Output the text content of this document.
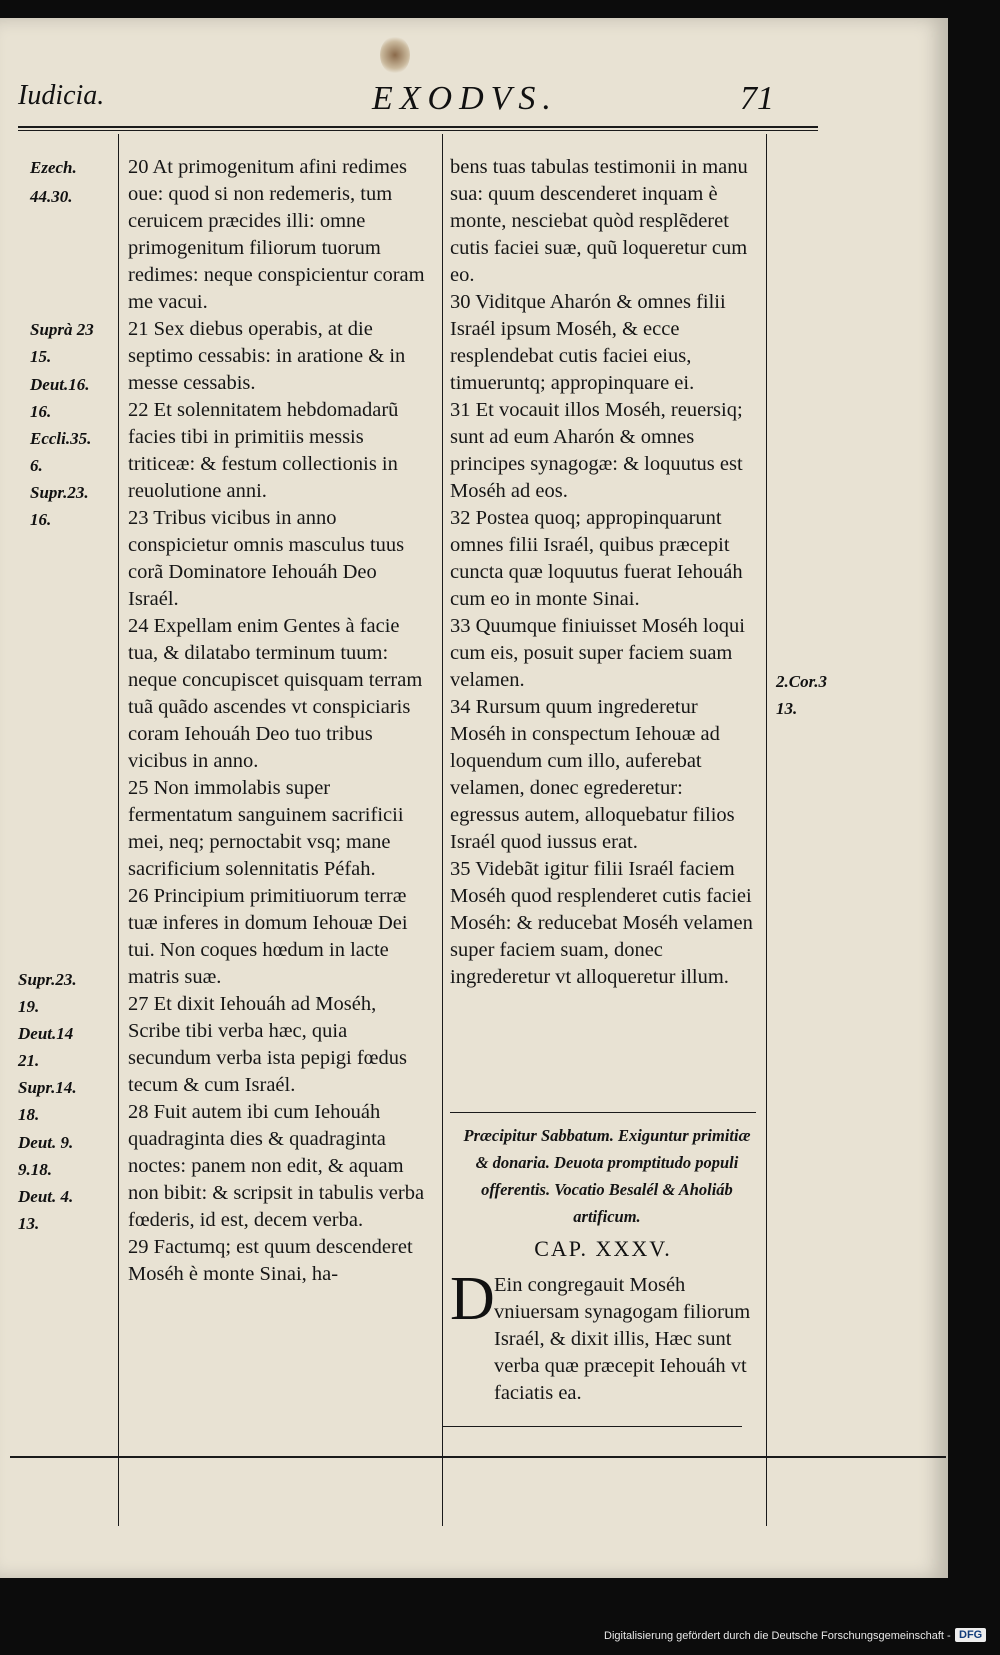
Iudicia.	EXODVS.	71
Ezech.
44.30.
Suprà 23
15.
Deut.16.
16.
Eccli.35.
6.
Supr.23.
16.
Supr.23.
19.
Deut.14
21.
Supr.14.
18.
Deut. 9.
9.18.
Deut. 4.
13.
2.Cor.3
13.

20 At primogenitum afini redimes oue: quod si non redemeris, tum ceruicem præcides illi: omne primogenitum filiorum tuorum redimes: neque conspicientur coram me vacui.

21 Sex diebus operabis, at die septimo cessabis: in aratione & in messe cessabis.

22 Et solennitatem hebdomadarũ facies tibi in primitiis messis triticeæ: & festum collectionis in reuolutione anni.

23 Tribus vicibus in anno conspicietur omnis masculus tuus corã Dominatore Iehouáh Deo Israél.

24 Expellam enim Gentes à facie tua, & dilatabo terminum tuum: neque concupiscet quisquam terram tuã quãdo ascendes vt conspiciaris coram Iehouáh Deo tuo tribus vicibus in anno.

25 Non immolabis super fermentatum sanguinem sacrificii mei, neq; pernoctabit vsq; mane sacrificium solennitatis Péfah.

26 Principium primitiuorum terræ tuæ inferes in domum Iehouæ Dei tui. Non coques hœdum in lacte matris suæ.

27 Et dixit Iehouáh ad Moséh, Scribe tibi verba hæc, quia secundum verba ista pepigi fœdus tecum & cum Israél.

28 Fuit autem ibi cum Iehouáh quadraginta dies & quadraginta noctes: panem non edit, & aquam non bibit: & scripsit in tabulis verba fœderis, id est, decem verba.

29 Factumq; est quum descenderet Moséh è monte Sinai, ha-

bens tuas tabulas testimonii in manu sua: quum descenderet inquam è monte, nesciebat quòd resplẽderet cutis faciei suæ, quũ loqueretur cum eo.

30 Viditque Aharón & omnes filii Israél ipsum Moséh, & ecce resplendebat cutis faciei eius, timueruntq; appropinquare ei.

31 Et vocauit illos Moséh, reuersiq; sunt ad eum Aharón & omnes principes synagogæ: & loquutus est Moséh ad eos.

32 Postea quoq; appropinquarunt omnes filii Israél, quibus præcepit cuncta quæ loquutus fuerat Iehouáh cum eo in monte Sinai.

33 Quumque finiuisset Moséh loqui cum eis, posuit super faciem suam velamen.

34 Rursum quum ingrederetur Moséh in conspectum Iehouæ ad loquendum cum illo, auferebat velamen, donec egrederetur: egressus autem, alloquebatur filios Israél quod iussus erat.

35 Videbãt igitur filii Israél faciem Moséh quod resplenderet cutis faciei Moséh: & reducebat Moséh velamen super faciem suam, donec ingrederetur vt alloqueretur illum.

Præcipitur Sabbatum. Exiguntur primitiæ & donaria. Deuota promptitudo populi offerentis. Vocatio Besalél & Aholiáb artificum.
CAP. XXXV.
D Ein congregauit Moséh vniuersam synagogam filiorum Israél, & dixit illis, Hæc sunt verba quæ præcepit Iehouáh vt faciatis ea.
Digitalisierung gefördert durch die Deutsche Forschungsgemeinschaft - DFG
